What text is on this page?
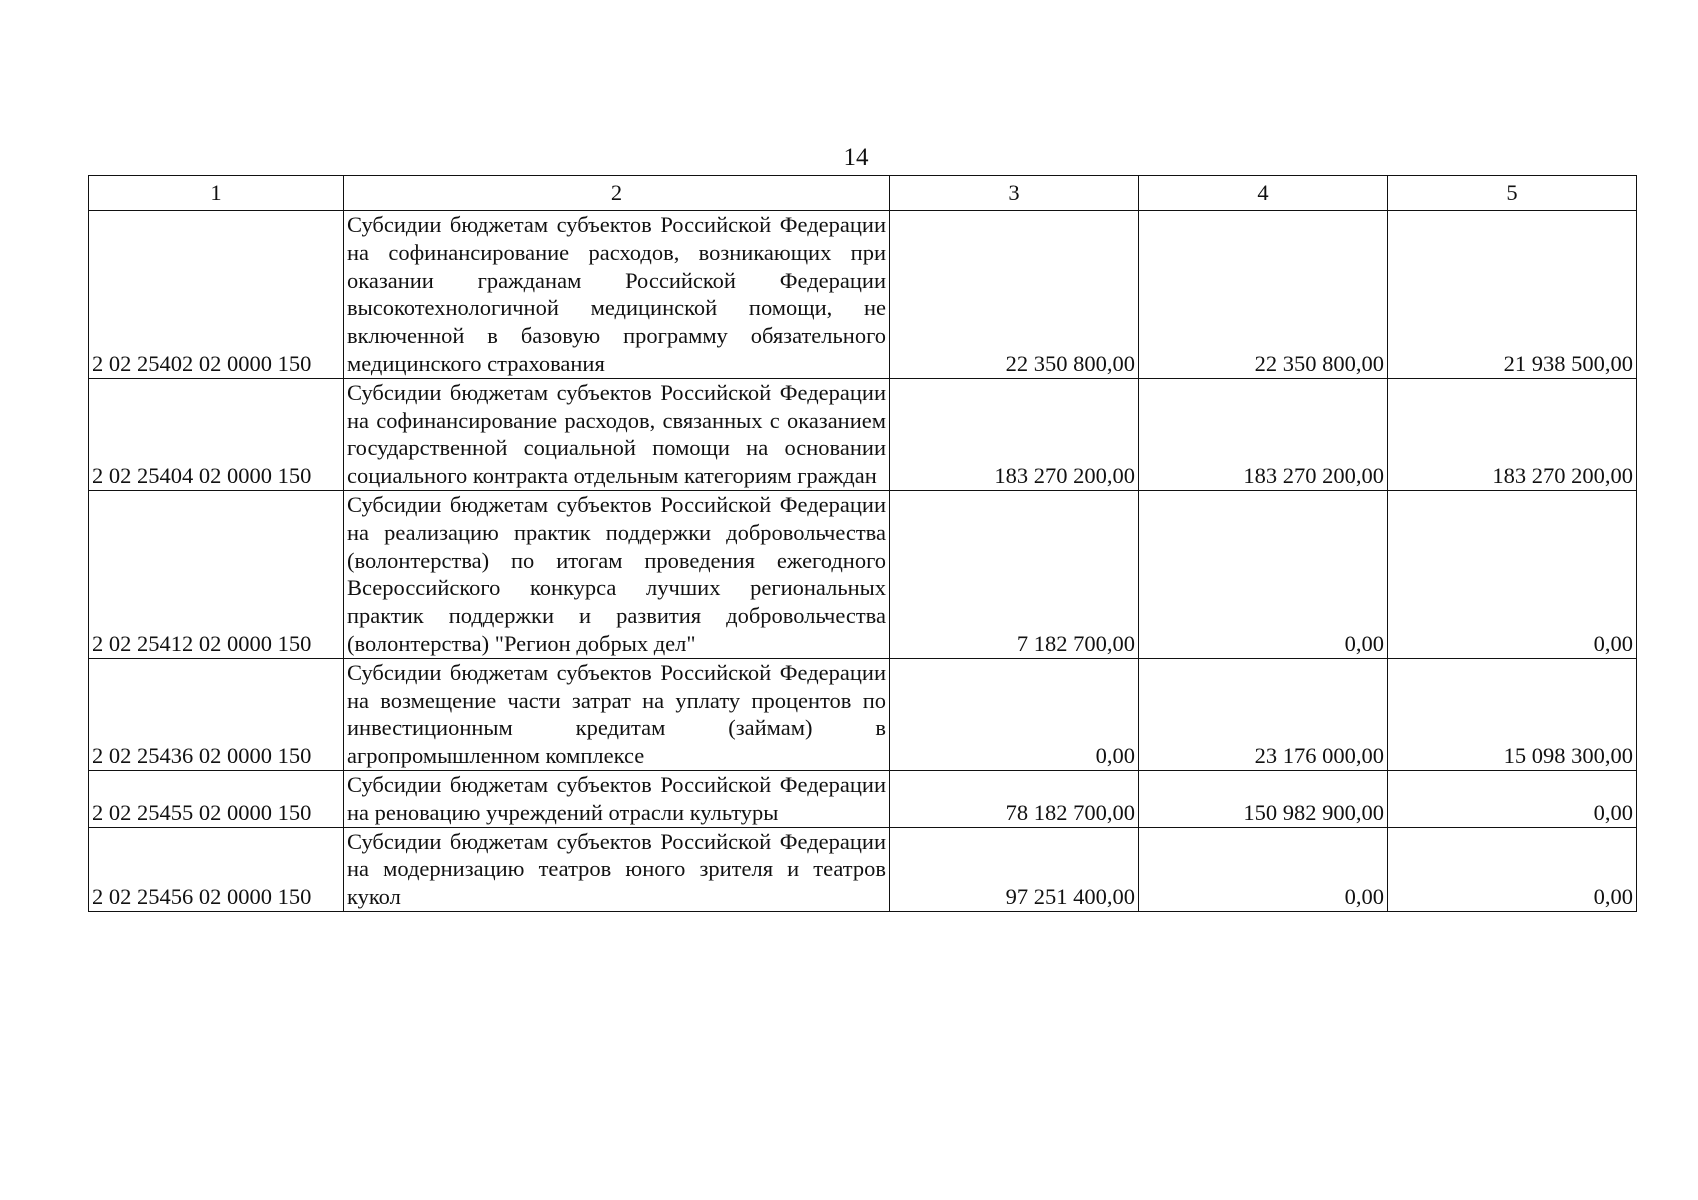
14
1	2	3	4	5
2 02 25402 02 0000 150	Субсидии бюджетам субъектов Российской Федерации на софинансирование расходов, возникающих при оказании гражданам Российской Федерации высокотехнологичной медицинской помощи, не включенной в базовую программу обязательного медицинского страхования	22 350 800,00	22 350 800,00	21 938 500,00
2 02 25404 02 0000 150	Субсидии бюджетам субъектов Российской Федерации на софинансирование расходов, связанных с оказанием государственной социальной помощи на основании социального контракта отдельным категориям граждан	183 270 200,00	183 270 200,00	183 270 200,00
2 02 25412 02 0000 150	Субсидии бюджетам субъектов Российской Федерации на реализацию практик поддержки добровольчества (волонтерства) по итогам проведения ежегодного Всероссийского конкурса лучших региональных практик поддержки и развития добровольчества (волонтерства) "Регион добрых дел"	7 182 700,00	0,00	0,00
2 02 25436 02 0000 150	Субсидии бюджетам субъектов Российской Федерации на возмещение части затрат на уплату процентов по инвестиционным кредитам (займам) в агропромышленном комплексе	0,00	23 176 000,00	15 098 300,00
2 02 25455 02 0000 150	Субсидии бюджетам субъектов Российской Федерации на реновацию учреждений отрасли культуры	78 182 700,00	150 982 900,00	0,00
2 02 25456 02 0000 150	Субсидии бюджетам субъектов Российской Федерации на модернизацию театров юного зрителя и театров кукол	97 251 400,00	0,00	0,00
